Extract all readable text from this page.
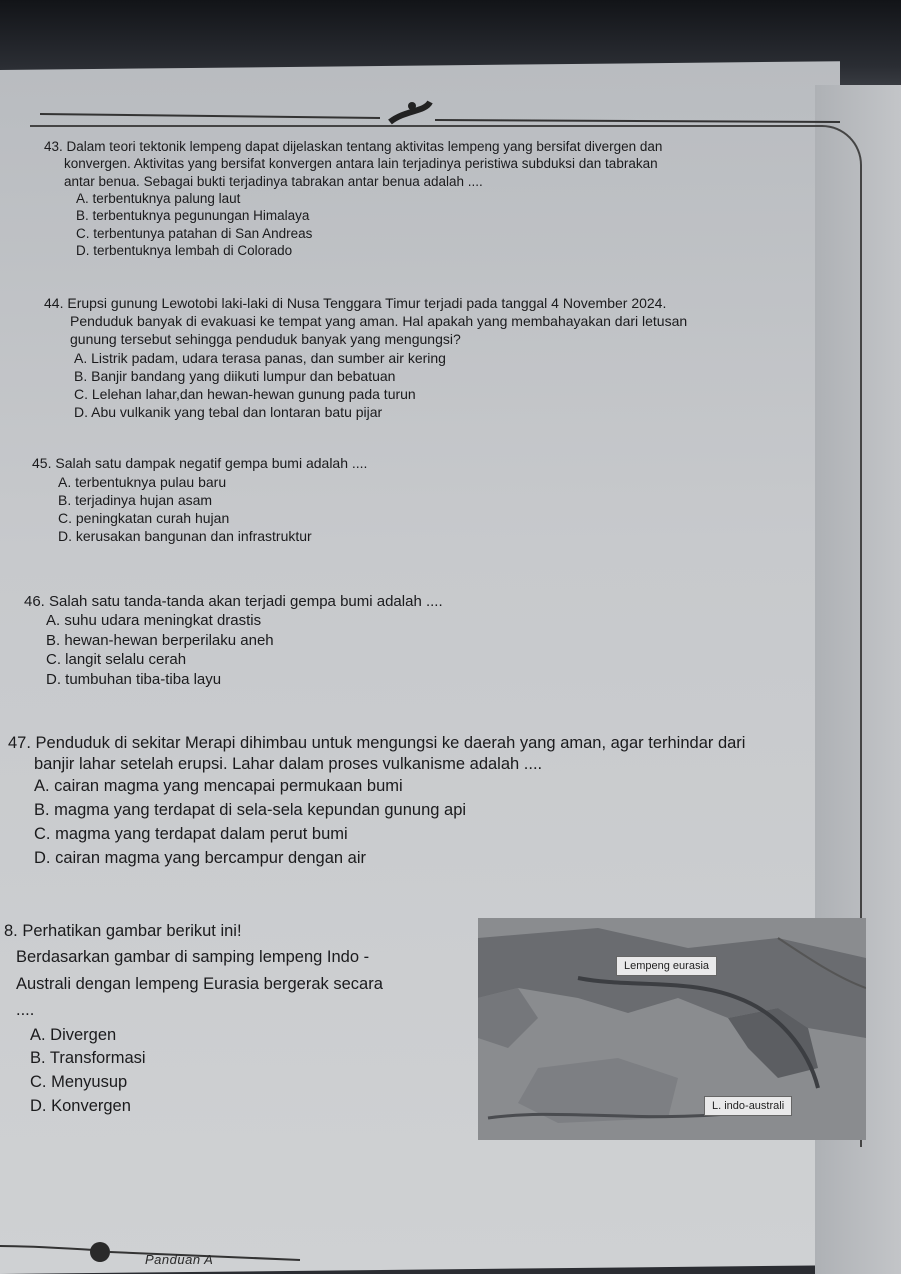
43. Dalam teori tektonik lempeng dapat dijelaskan tentang aktivitas lempeng yang bersifat divergen dan
konvergen. Aktivitas yang bersifat konvergen antara lain terjadinya peristiwa subduksi dan tabrakan
antar benua. Sebagai bukti terjadinya tabrakan antar benua adalah ....
A. terbentuknya palung laut
B. terbentuknya pegunungan Himalaya
C. terbentunya patahan di San Andreas
D. terbentuknya lembah di Colorado
44. Erupsi gunung Lewotobi laki-laki di Nusa Tenggara Timur terjadi pada tanggal 4 November 2024.
Penduduk banyak di evakuasi ke tempat yang aman. Hal apakah yang membahayakan dari letusan
gunung tersebut sehingga penduduk banyak yang mengungsi?
A. Listrik padam, udara terasa panas, dan sumber air kering
B. Banjir bandang yang diikuti lumpur dan bebatuan
C. Lelehan lahar,dan hewan-hewan gunung pada turun
D. Abu vulkanik yang tebal dan lontaran batu pijar
45. Salah satu dampak negatif gempa bumi adalah ....
A. terbentuknya pulau baru
B. terjadinya hujan asam
C. peningkatan curah hujan
D. kerusakan bangunan dan infrastruktur
46. Salah satu tanda-tanda akan terjadi gempa bumi adalah ....
A. suhu udara meningkat drastis
B. hewan-hewan berperilaku aneh
C. langit selalu cerah
D. tumbuhan tiba-tiba layu
47. Penduduk di sekitar Merapi dihimbau untuk mengungsi ke daerah yang aman, agar terhindar dari
banjir lahar setelah erupsi. Lahar dalam proses vulkanisme adalah ....
A. cairan magma yang mencapai permukaan bumi
B. magma yang terdapat di sela-sela kepundan gunung api
C. magma yang terdapat dalam perut bumi
D. cairan magma yang bercampur dengan air
8. Perhatikan gambar berikut ini!
Berdasarkan gambar di samping lempeng Indo -
Australi dengan lempeng Eurasia bergerak secara
....
A. Divergen
B. Transformasi
C. Menyusup
D. Konvergen
Lempeng eurasia
L. indo-australi
Panduan A
